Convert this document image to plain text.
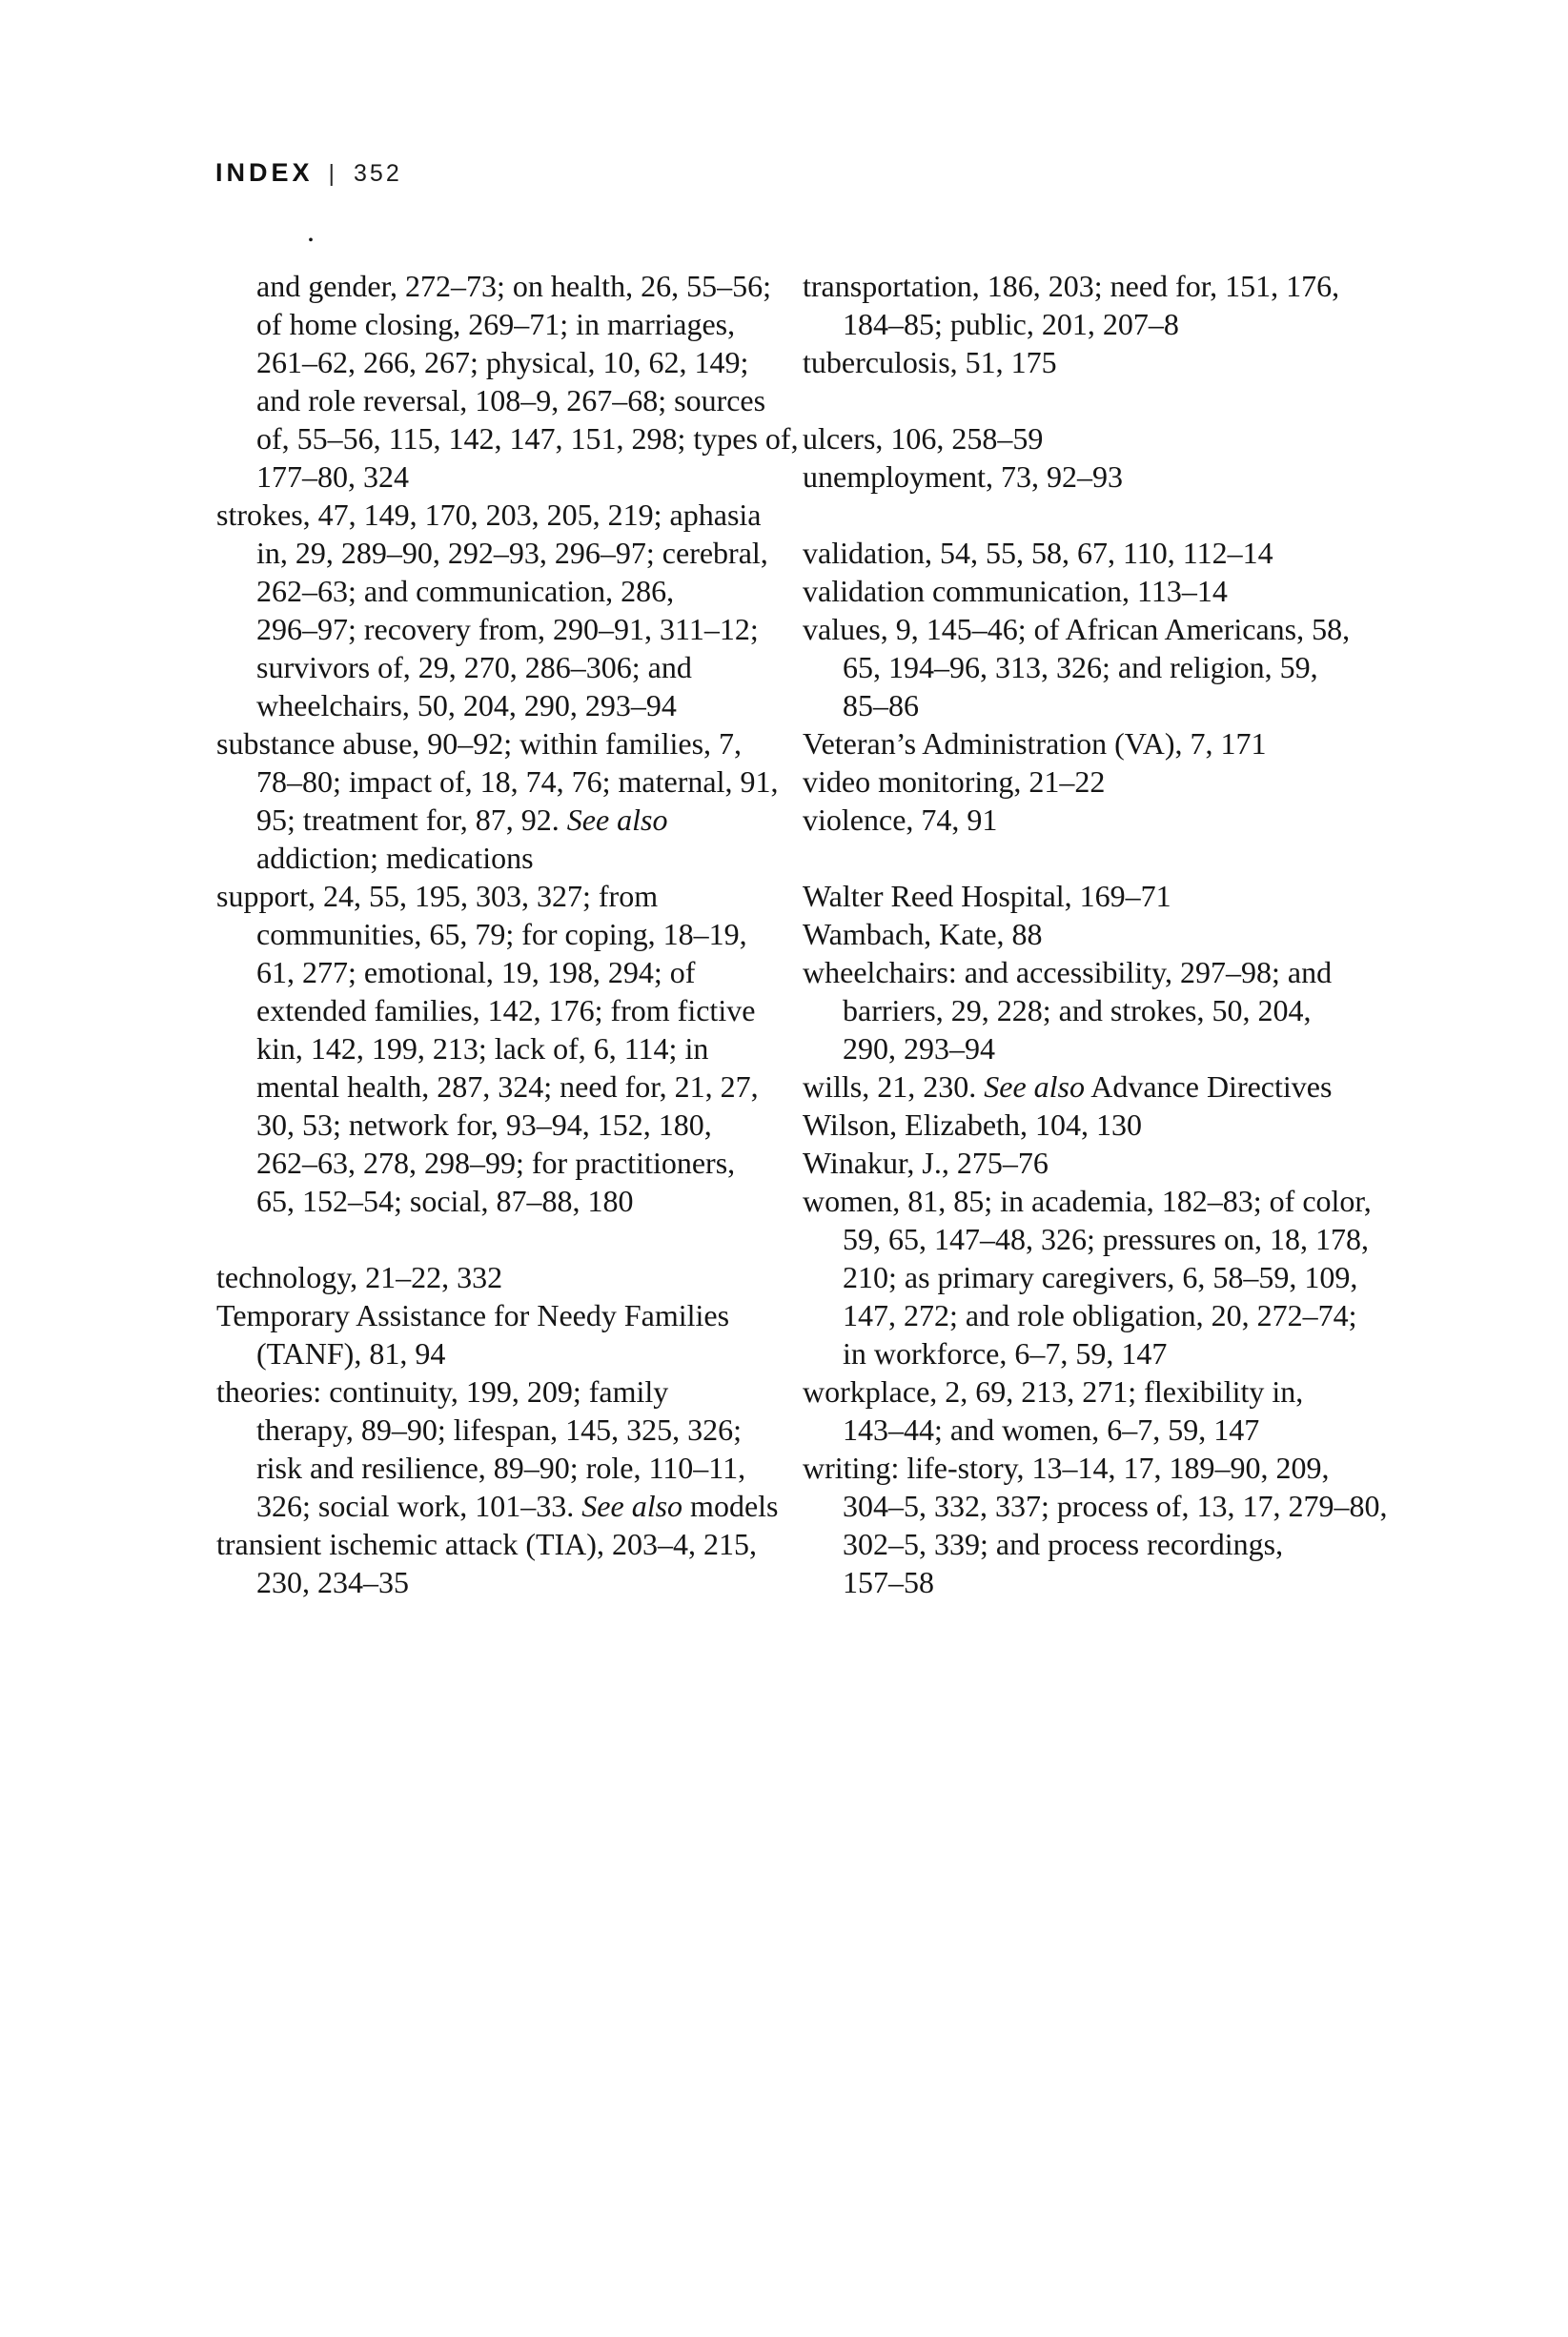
INDEX | 352
.
and gender, 272–73; on health, 26, 55–56;
of home closing, 269–71; in marriages,
261–62, 266, 267; physical, 10, 62, 149;
and role reversal, 108–9, 267–68; sources
of, 55–56, 115, 142, 147, 151, 298; types of,
177–80, 324
strokes, 47, 149, 170, 203, 205, 219; aphasia
in, 29, 289–90, 292–93, 296–97; cerebral,
262–63; and communication, 286,
296–97; recovery from, 290–91, 311–12;
survivors of, 29, 270, 286–306; and
wheelchairs, 50, 204, 290, 293–94
substance abuse, 90–92; within families, 7,
78–80; impact of, 18, 74, 76; maternal, 91,
95; treatment for, 87, 92. See also
addiction; medications
support, 24, 55, 195, 303, 327; from
communities, 65, 79; for coping, 18–19,
61, 277; emotional, 19, 198, 294; of
extended families, 142, 176; from fictive
kin, 142, 199, 213; lack of, 6, 114; in
mental health, 287, 324; need for, 21, 27,
30, 53; network for, 93–94, 152, 180,
262–63, 278, 298–99; for practitioners,
65, 152–54; social, 87–88, 180
technology, 21–22, 332
Temporary Assistance for Needy Families
(TANF), 81, 94
theories: continuity, 199, 209; family
therapy, 89–90; lifespan, 145, 325, 326;
risk and resilience, 89–90; role, 110–11,
326; social work, 101–33. See also models
transient ischemic attack (TIA), 203–4, 215,
230, 234–35
transportation, 186, 203; need for, 151, 176,
184–85; public, 201, 207–8
tuberculosis, 51, 175
ulcers, 106, 258–59
unemployment, 73, 92–93
validation, 54, 55, 58, 67, 110, 112–14
validation communication, 113–14
values, 9, 145–46; of African Americans, 58,
65, 194–96, 313, 326; and religion, 59,
85–86
Veteran’s Administration (VA), 7, 171
video monitoring, 21–22
violence, 74, 91
Walter Reed Hospital, 169–71
Wambach, Kate, 88
wheelchairs: and accessibility, 297–98; and
barriers, 29, 228; and strokes, 50, 204,
290, 293–94
wills, 21, 230. See also Advance Directives
Wilson, Elizabeth, 104, 130
Winakur, J., 275–76
women, 81, 85; in academia, 182–83; of color,
59, 65, 147–48, 326; pressures on, 18, 178,
210; as primary caregivers, 6, 58–59, 109,
147, 272; and role obligation, 20, 272–74;
in workforce, 6–7, 59, 147
workplace, 2, 69, 213, 271; flexibility in,
143–44; and women, 6–7, 59, 147
writing: life-story, 13–14, 17, 189–90, 209,
304–5, 332, 337; process of, 13, 17, 279–80,
302–5, 339; and process recordings,
157–58
